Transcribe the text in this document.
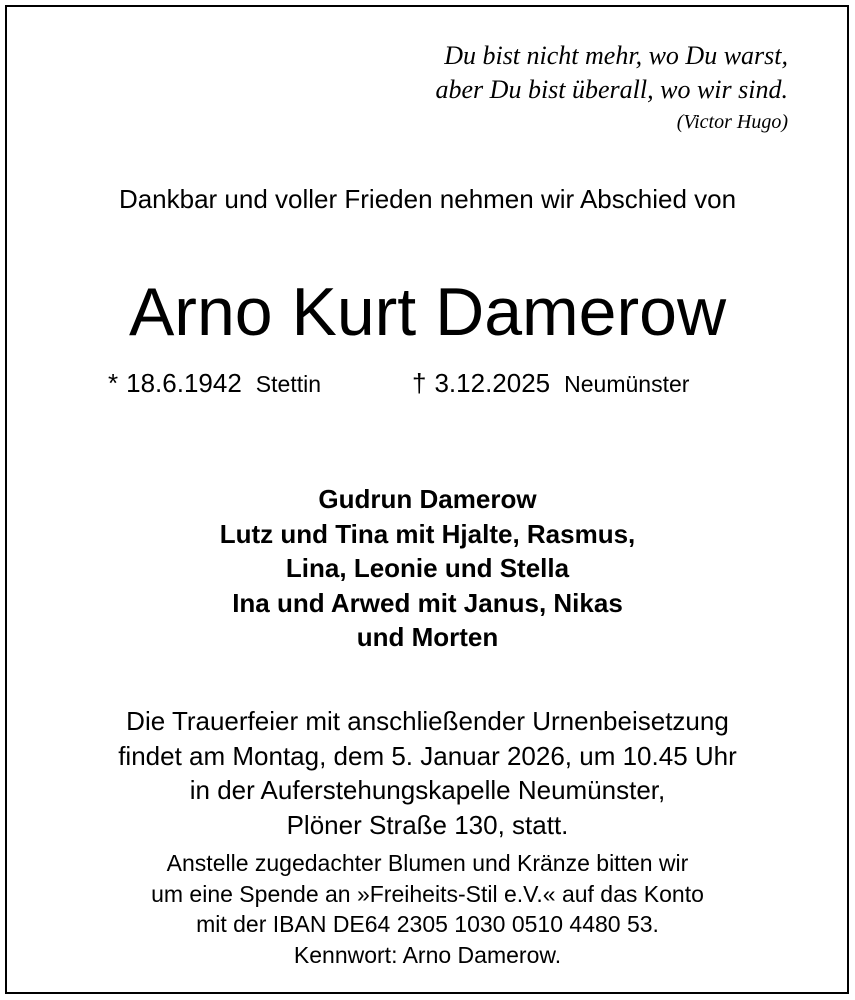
Du bist nicht mehr, wo Du warst,
aber Du bist überall, wo wir sind.
(Victor Hugo)
Dankbar und voller Frieden nehmen wir Abschied von
Arno Kurt Damerow
* 18.6.1942 Stettin	† 3.12.2025 Neumünster
Gudrun Damerow
Lutz und Tina mit Hjalte, Rasmus,
Lina, Leonie und Stella
Ina und Arwed mit Janus, Nikas
und Morten
Die Trauerfeier mit anschließender Urnenbeisetzung
findet am Montag, dem 5. Januar 2026, um 10.45 Uhr
in der Auferstehungskapelle Neumünster,
Plöner Straße 130, statt.
Anstelle zugedachter Blumen und Kränze bitten wir
um eine Spende an »Freiheits-Stil e.V.« auf das Konto
mit der IBAN DE64 2305 1030 0510 4480 53.
Kennwort: Arno Damerow.
